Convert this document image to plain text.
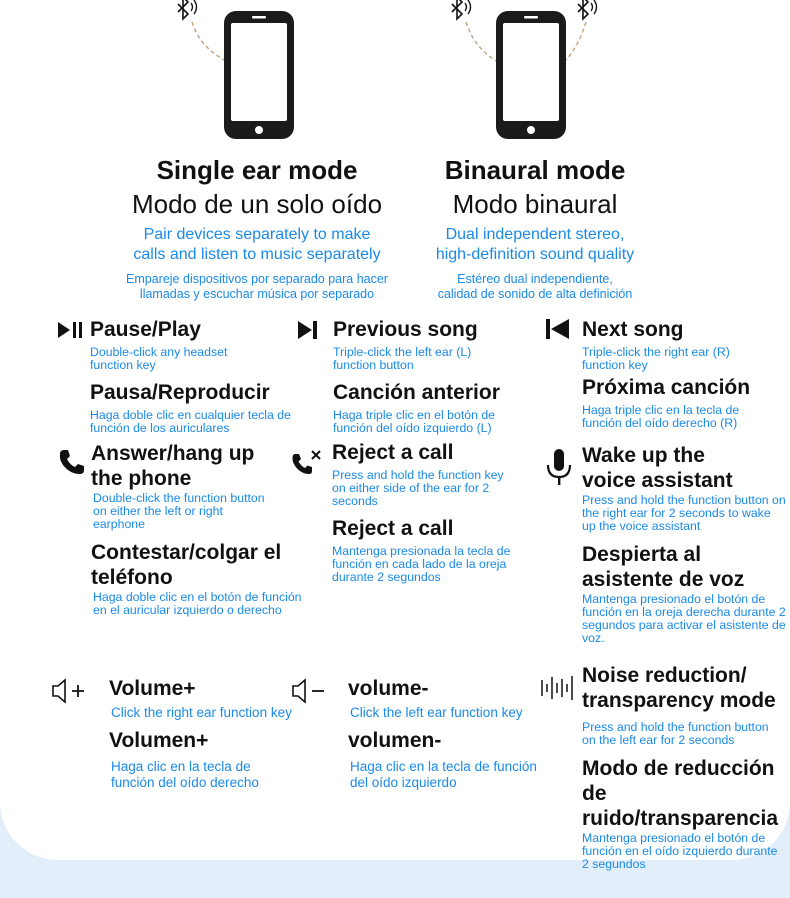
Single ear mode
Modo de un solo oído
Pair devices separately to make
calls and listen to music separately
Empareje dispositivos por separado para hacer
llamadas y escuchar música por separado
Binaural mode
Modo binaural
Dual independent stereo,
high-definition sound quality
Estéreo dual independiente,
calidad de sonido de alta definición
Pause/Play
Double-click any headset function key
Pausa/Reproducir
Haga doble clic en cualquier tecla de función de los auriculares
Previous song
Triple-click the left ear (L) function button
Canción anterior
Haga triple clic en el botón de función del oído izquierdo (L)
Next song
Triple-click the right ear (R) function key
Próxima canción
Haga triple clic en la tecla de función del oído derecho (R)
Answer/hang up the phone
Double-click the function button on either the left or right earphone
Contestar/colgar el teléfono
Haga doble clic en el botón de función en el auricular izquierdo o derecho
Reject a call
Press and hold the function key on either side of the ear for 2 seconds
Reject a call
Mantenga presionada la tecla de función en cada lado de la oreja durante 2 segundos
Wake up the voice assistant
Press and hold the function button on the right ear for 2 seconds to wake up the voice assistant
Despierta al asistente de voz
Mantenga presionado el botón de función en la oreja derecha durante 2 segundos para activar el asistente de voz.
Volume+
Click the right ear function key
Volumen+
Haga clic en la tecla de función del oído derecho
volume-
Click the left ear function key
volumen-
Haga clic en la tecla de función del oído izquierdo
Noise reduction/ transparency mode
Press and hold the function button on the left ear for 2 seconds
Modo de reducción de ruido/transparencia
Mantenga presionado el botón de función en el oído izquierdo durante 2 segundos
